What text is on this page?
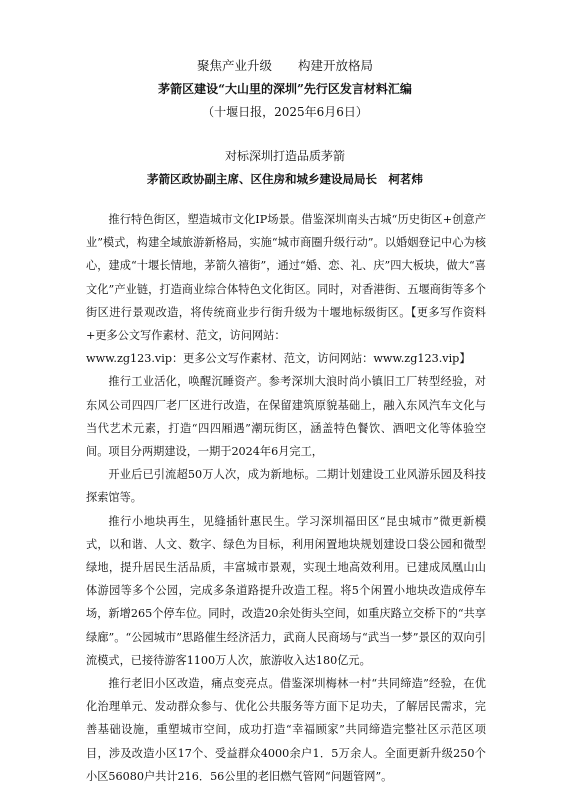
聚焦产业升级 构建开放格局
茅箭区建设“大山里的深圳”先行区发言材料汇编
（十堰日报，2025年6月6日）
对标深圳打造品质茅箭
茅箭区政协副主席、区住房和城乡建设局局长　柯茗炜

推行特色街区，塑造城市文化IP场景。借鉴深圳南头古城“历史街区+创意产业”模式，构建全域旅游新格局，实施“城市商圈升级行动”。以婚姻登记中心为核心，建成“十堰长情地，茅箭久禧街”，通过“婚、恋、礼、庆”四大板块，做大“喜文化”产业链，打造商业综合体特色文化街区。同时，对香港街、五堰商街等多个街区进行景观改造，将传统商业步行街升级为十堰地标级街区。【更多写作资料+更多公文写作素材、范文，访问网站：

www.zg123.vip：更多公文写作素材、范文，访问网站：www.zg123.vip】

推行工业活化，唤醒沉睡资产。参考深圳大浪时尚小镇旧工厂转型经验，对东风公司四四厂老厂区进行改造，在保留建筑原貌基础上，融入东风汽车文化与当代艺术元素，打造“四四厢遇”潮玩街区，涵盖特色餐饮、酒吧文化等体验空间。项目分两期建设，一期于2024年6月完工，

开业后已引流超50万人次，成为新地标。二期计划建设工业风游乐园及科技探索馆等。

推行小地块再生，见缝插针惠民生。学习深圳福田区“昆虫城市”微更新模式，以和谐、人文、数字、绿色为目标，利用闲置地块规划建设口袋公园和微型绿地，提升居民生活品质，丰富城市景观，实现土地高效利用。已建成凤凰山山体游园等多个公园，完成多条道路提升改造工程。将5个闲置小地块改造成停车场，新增265个停车位。同时，改造20余处街头空间，如重庆路立交桥下的“共享绿廊”。“公园城市”思路催生经济活力，武商人民商场与“武当一梦”景区的双向引流模式，已接待游客1100万人次，旅游收入达180亿元。

推行老旧小区改造，痛点变亮点。借鉴深圳梅林一村“共同缔造”经验，在优化治理单元、发动群众参与、优化公共服务等方面下足功夫，了解居民需求，完善基础设施，重塑城市空间，成功打造“幸福顾家”共同缔造完整社区示范区项目，涉及改造小区17个、受益群众4000余户1．5万余人。全面更新升级250个小区56080户共计216．56公里的老旧燃气管网“问题管网”。
